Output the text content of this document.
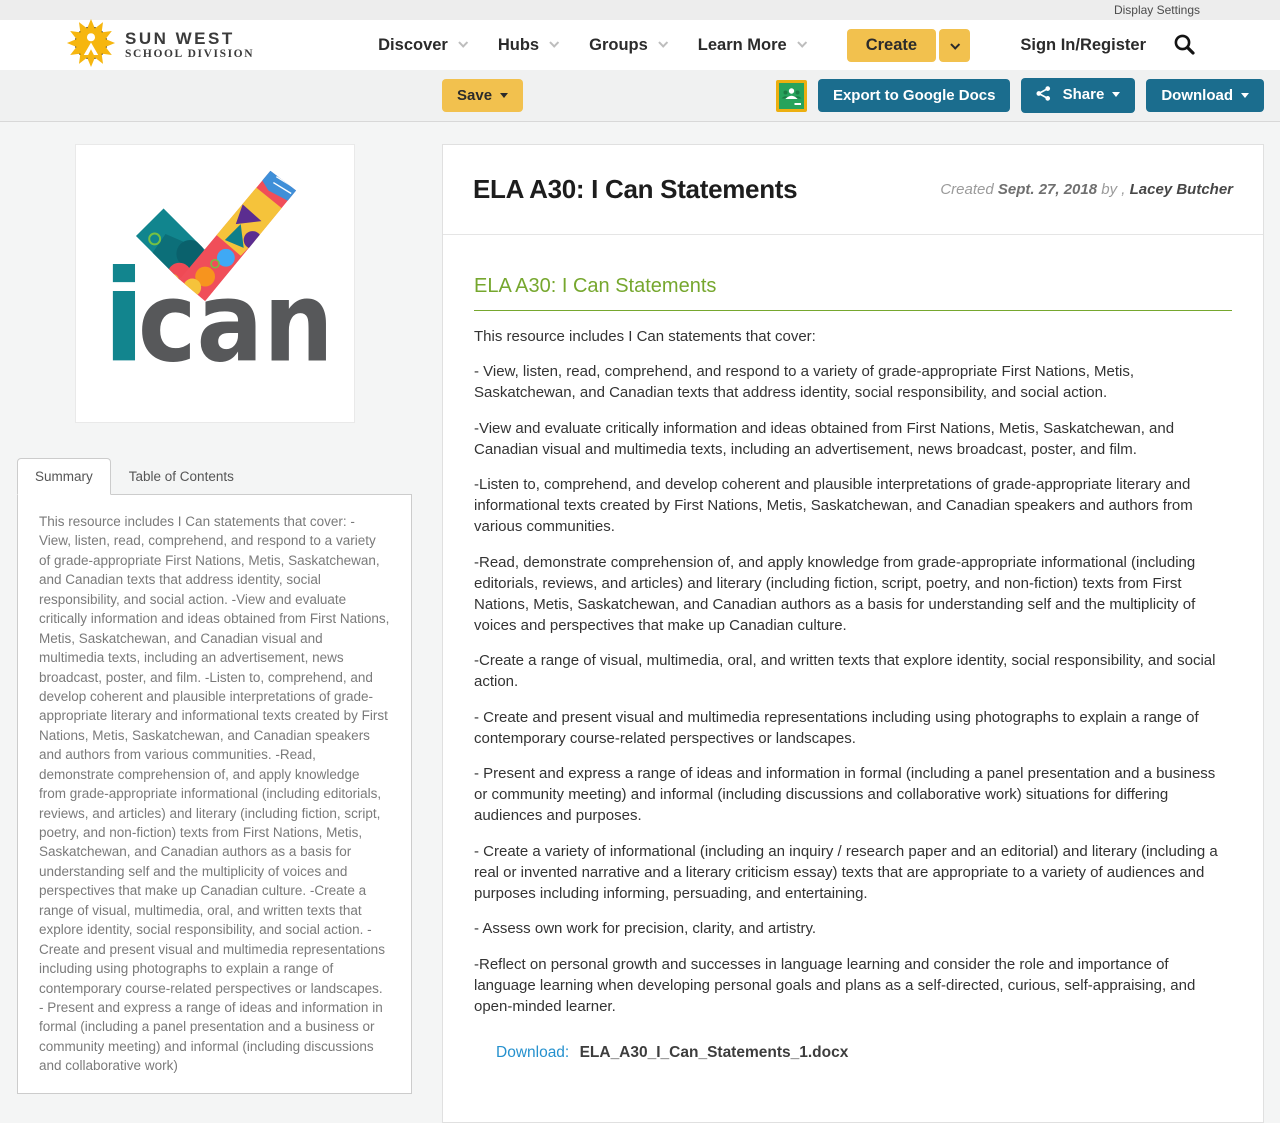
Display Settings
SUN WEST
SCHOOL DIVISION
Discover	Hubs	Groups	Learn More	Create	Sign In/Register
Save	Export to Google Docs	Share	Download
i
can
Summary	Table of Contents
This resource includes I Can statements that cover: - View, listen, read, comprehend, and respond to a variety of grade-appropriate First Nations, Metis, Saskatchewan, and Canadian texts that address identity, social responsibility, and social action. -View and evaluate critically information and ideas obtained from First Nations, Metis, Saskatchewan, and Canadian visual and multimedia texts, including an advertisement, news broadcast, poster, and film. -Listen to, comprehend, and develop coherent and plausible interpretations of grade-appropriate literary and informational texts created by First Nations, Metis, Saskatchewan, and Canadian speakers and authors from various communities. -Read, demonstrate comprehension of, and apply knowledge from grade-appropriate informational (including editorials, reviews, and articles) and literary (including fiction, script, poetry, and non-fiction) texts from First Nations, Metis, Saskatchewan, and Canadian authors as a basis for understanding self and the multiplicity of voices and perspectives that make up Canadian culture. -Create a range of visual, multimedia, oral, and written texts that explore identity, social responsibility, and social action. - Create and present visual and multimedia representations including using photographs to explain a range of contemporary course-related perspectives or landscapes. - Present and express a range of ideas and information in formal (including a panel presentation and a business or community meeting) and informal (including discussions and collaborative work)
ELA A30: I Can Statements	Created Sept. 27, 2018 by , Lacey Butcher
ELA A30: I Can Statements

This resource includes I Can statements that cover:

- View, listen, read, comprehend, and respond to a variety of grade-appropriate First Nations, Metis, Saskatchewan, and Canadian texts that address identity, social responsibility, and social action.

-View and evaluate critically information and ideas obtained from First Nations, Metis, Saskatchewan, and Canadian visual and multimedia texts, including an advertisement, news broadcast, poster, and film.

-Listen to, comprehend, and develop coherent and plausible interpretations of grade-appropriate literary and informational texts created by First Nations, Metis, Saskatchewan, and Canadian speakers and authors from various communities.

-Read, demonstrate comprehension of, and apply knowledge from grade-appropriate informational (including editorials, reviews, and articles) and literary (including fiction, script, poetry, and non-fiction) texts from First Nations, Metis, Saskatchewan, and Canadian authors as a basis for understanding self and the multiplicity of voices and perspectives that make up Canadian culture.

-Create a range of visual, multimedia, oral, and written texts that explore identity, social responsibility, and social action.

- Create and present visual and multimedia representations including using photographs to explain a range of contemporary course-related perspectives or landscapes.

- Present and express a range of ideas and information in formal (including a panel presentation and a business or community meeting) and informal (including discussions and collaborative work) situations for differing audiences and purposes.

- Create a variety of informational (including an inquiry / research paper and an editorial) and literary (including a real or invented narrative and a literary criticism essay) texts that are appropriate to a variety of audiences and purposes including informing, persuading, and entertaining.

- Assess own work for precision, clarity, and artistry.

-Reflect on personal growth and successes in language learning and consider the role and importance of language learning when developing personal goals and plans as a self-directed, curious, self-appraising, and open-minded learner.

Download: ELA_A30_I_Can_Statements_1.docx
